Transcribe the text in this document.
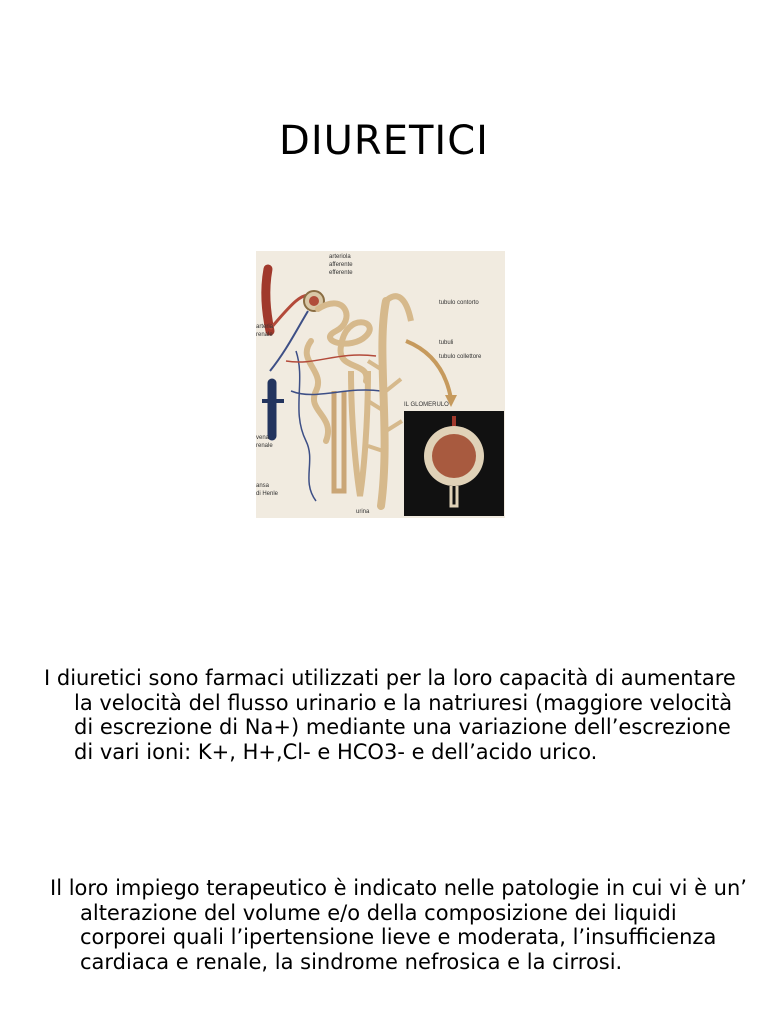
DIURETICI
arteriola
afferente
efferente
tubulo contorto
arteria
renale
tubuli
tubulo collettore
IL GLOMERULO
vena
renale
ansa
di Henle
urina
I diuretici sono farmaci utilizzati per la loro capacità di aumentare la velocità del flusso urinario e la natriuresi (maggiore velocità di escrezione di Na+) mediante una variazione dell’escrezione di vari ioni: K+, H+,Cl- e HCO3- e dell’acido urico.
Il loro impiego terapeutico è indicato nelle patologie in cui vi è un’ alterazione del volume e/o della composizione dei liquidi corporei quali l’ipertensione lieve e moderata, l’insufficienza cardiaca e renale, la sindrome nefrosica e la cirrosi.
